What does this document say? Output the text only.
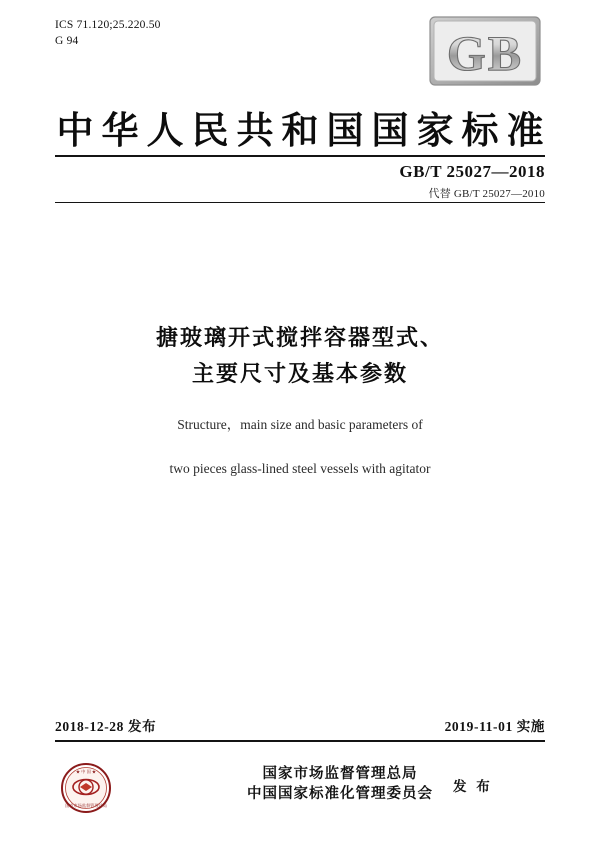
ICS 71.120;25.220.50
G 94	GB
中华人民共和国国家标准
GB/T 25027—2018
代替 GB/T 25027—2010
搪玻璃开式搅拌容器型式、
主要尺寸及基本参数
Structure，main size and basic parameters of
two pieces glass-lined steel vessels with agitator
2018-12-28 发布	2019-11-01 实施
国家市场监督管理总局
★ 中 国 ★	国家市场监督管理总局
中国国家标准化管理委员会	发 布
